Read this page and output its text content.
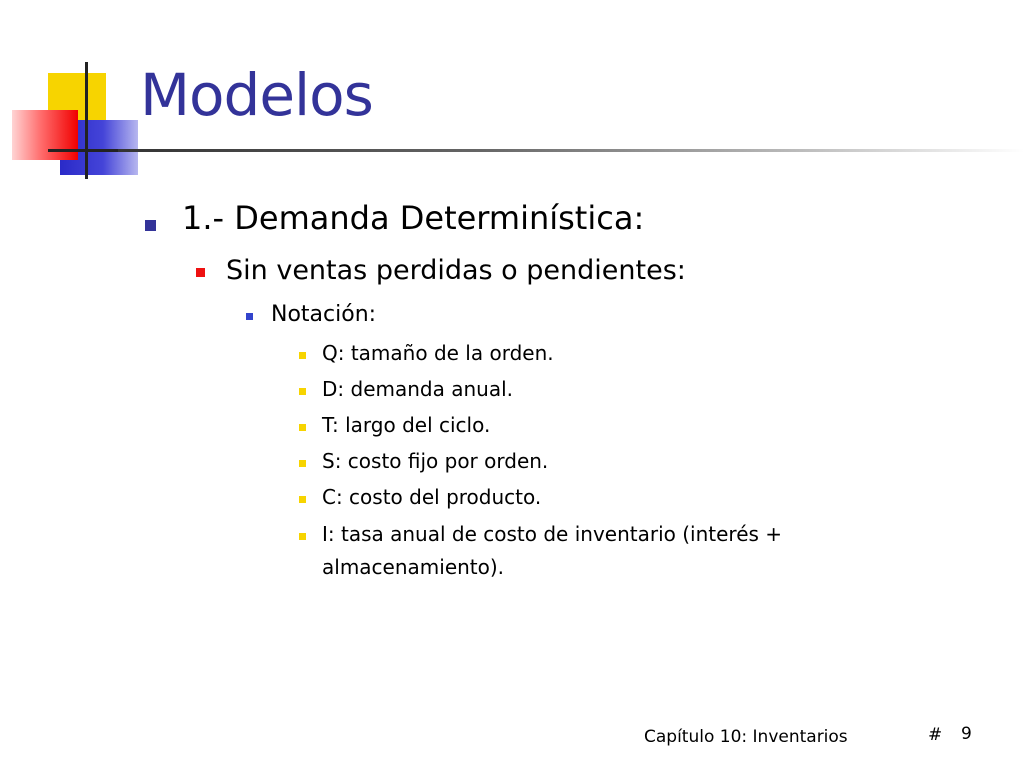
Modelos
1.- Demanda Determinística:
Sin ventas perdidas o pendientes:
Notación:
Q: tamaño de la orden.
D: demanda anual.
T: largo del ciclo.
S: costo fijo por orden.
C: costo del producto.
I: tasa anual de costo de inventario (interés +
almacenamiento).
Capítulo 10: Inventarios	# 9
